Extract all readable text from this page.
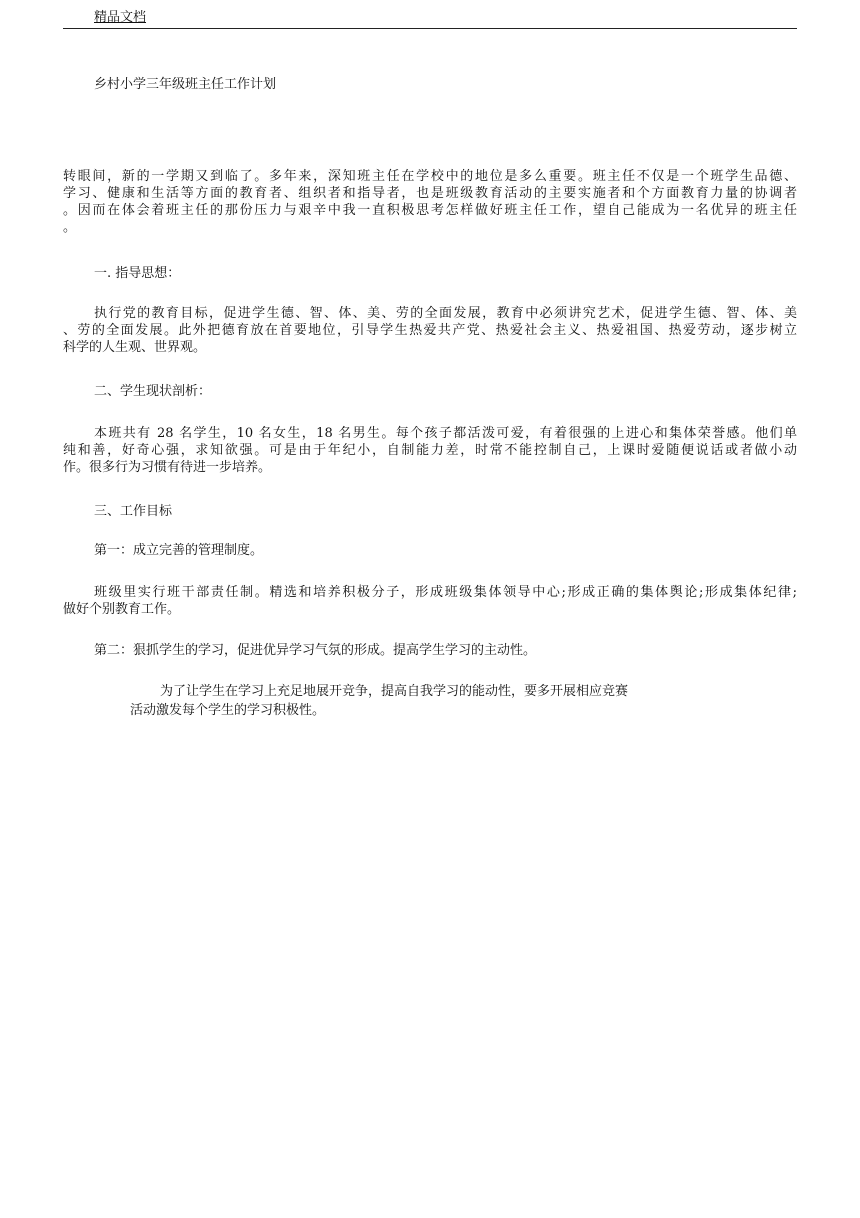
精品文档
乡村小学三年级班主任工作计划
转眼间，新的一学期又到临了。多年来，深知班主任在学校中的地位是多么重要。班主任不仅是一个班学生品德、
学习、健康和生活等方面的教育者、组织者和指导者，也是班级教育活动的主要实施者和个方面教育力量的协调者
。因而在体会着班主任的那份压力与艰辛中我一直积极思考怎样做好班主任工作，望自己能成为一名优异的班主任
。
一. 指导思想：
执行党的教育目标，促进学生德、智、体、美、劳的全面发展，教育中必须讲究艺术，促进学生德、智、体、美
、劳的全面发展。此外把德育放在首要地位，引导学生热爱共产党、热爱社会主义、热爱祖国、热爱劳动，逐步树立
科学的人生观、世界观。
二、学生现状剖析：
本班共有 28 名学生，10 名女生，18 名男生。每个孩子都活泼可爱，有着很强的上进心和集体荣誉感。他们单
纯和善，好奇心强，求知欲强。可是由于年纪小，自制能力差，时常不能控制自己，上课时爱随便说话或者做小动
作。很多行为习惯有待进一步培养。
三、工作目标
第一：成立完善的管理制度。
班级里实行班干部责任制。精选和培养积极分子，形成班级集体领导中心;形成正确的集体舆论;形成集体纪律;
做好个别教育工作。
第二：狠抓学生的学习，促进优异学习气氛的形成。提高学生学习的主动性。
为了让学生在学习上充足地展开竞争，提高自我学习的能动性，要多开展相应竞赛
活动激发每个学生的学习积极性。
